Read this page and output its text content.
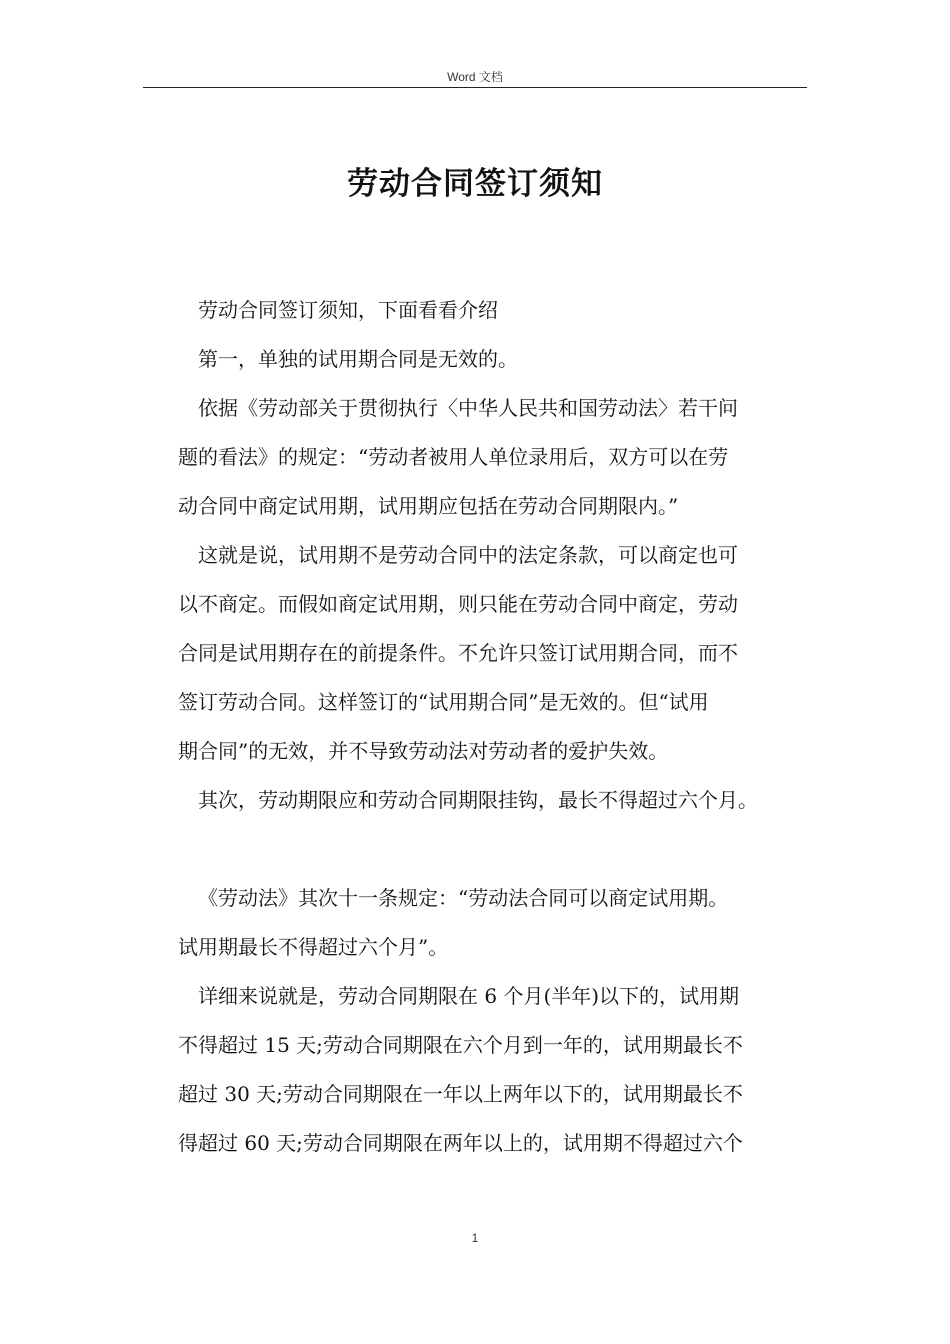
Word 文档
劳动合同签订须知
劳动合同签订须知，下面看看介绍
第一，单独的试用期合同是无效的。
依据《劳动部关于贯彻执行〈中华人民共和国劳动法〉若干问
题的看法》的规定：“劳动者被用人单位录用后，双方可以在劳
动合同中商定试用期，试用期应包括在劳动合同期限内。”
这就是说，试用期不是劳动合同中的法定条款，可以商定也可
以不商定。而假如商定试用期，则只能在劳动合同中商定，劳动
合同是试用期存在的前提条件。不允许只签订试用期合同，而不
签订劳动合同。这样签订的“试用期合同”是无效的。但“试用
期合同”的无效，并不导致劳动法对劳动者的爱护失效。
其次，劳动期限应和劳动合同期限挂钩，最长不得超过六个月。
《劳动法》其次十一条规定：“劳动法合同可以商定试用期。
试用期最长不得超过六个月”。
详细来说就是，劳动合同期限在 6 个月(半年)以下的，试用期
不得超过 15 天;劳动合同期限在六个月到一年的，试用期最长不
超过 30 天;劳动合同期限在一年以上两年以下的，试用期最长不
得超过 60 天;劳动合同期限在两年以上的，试用期不得超过六个
1
